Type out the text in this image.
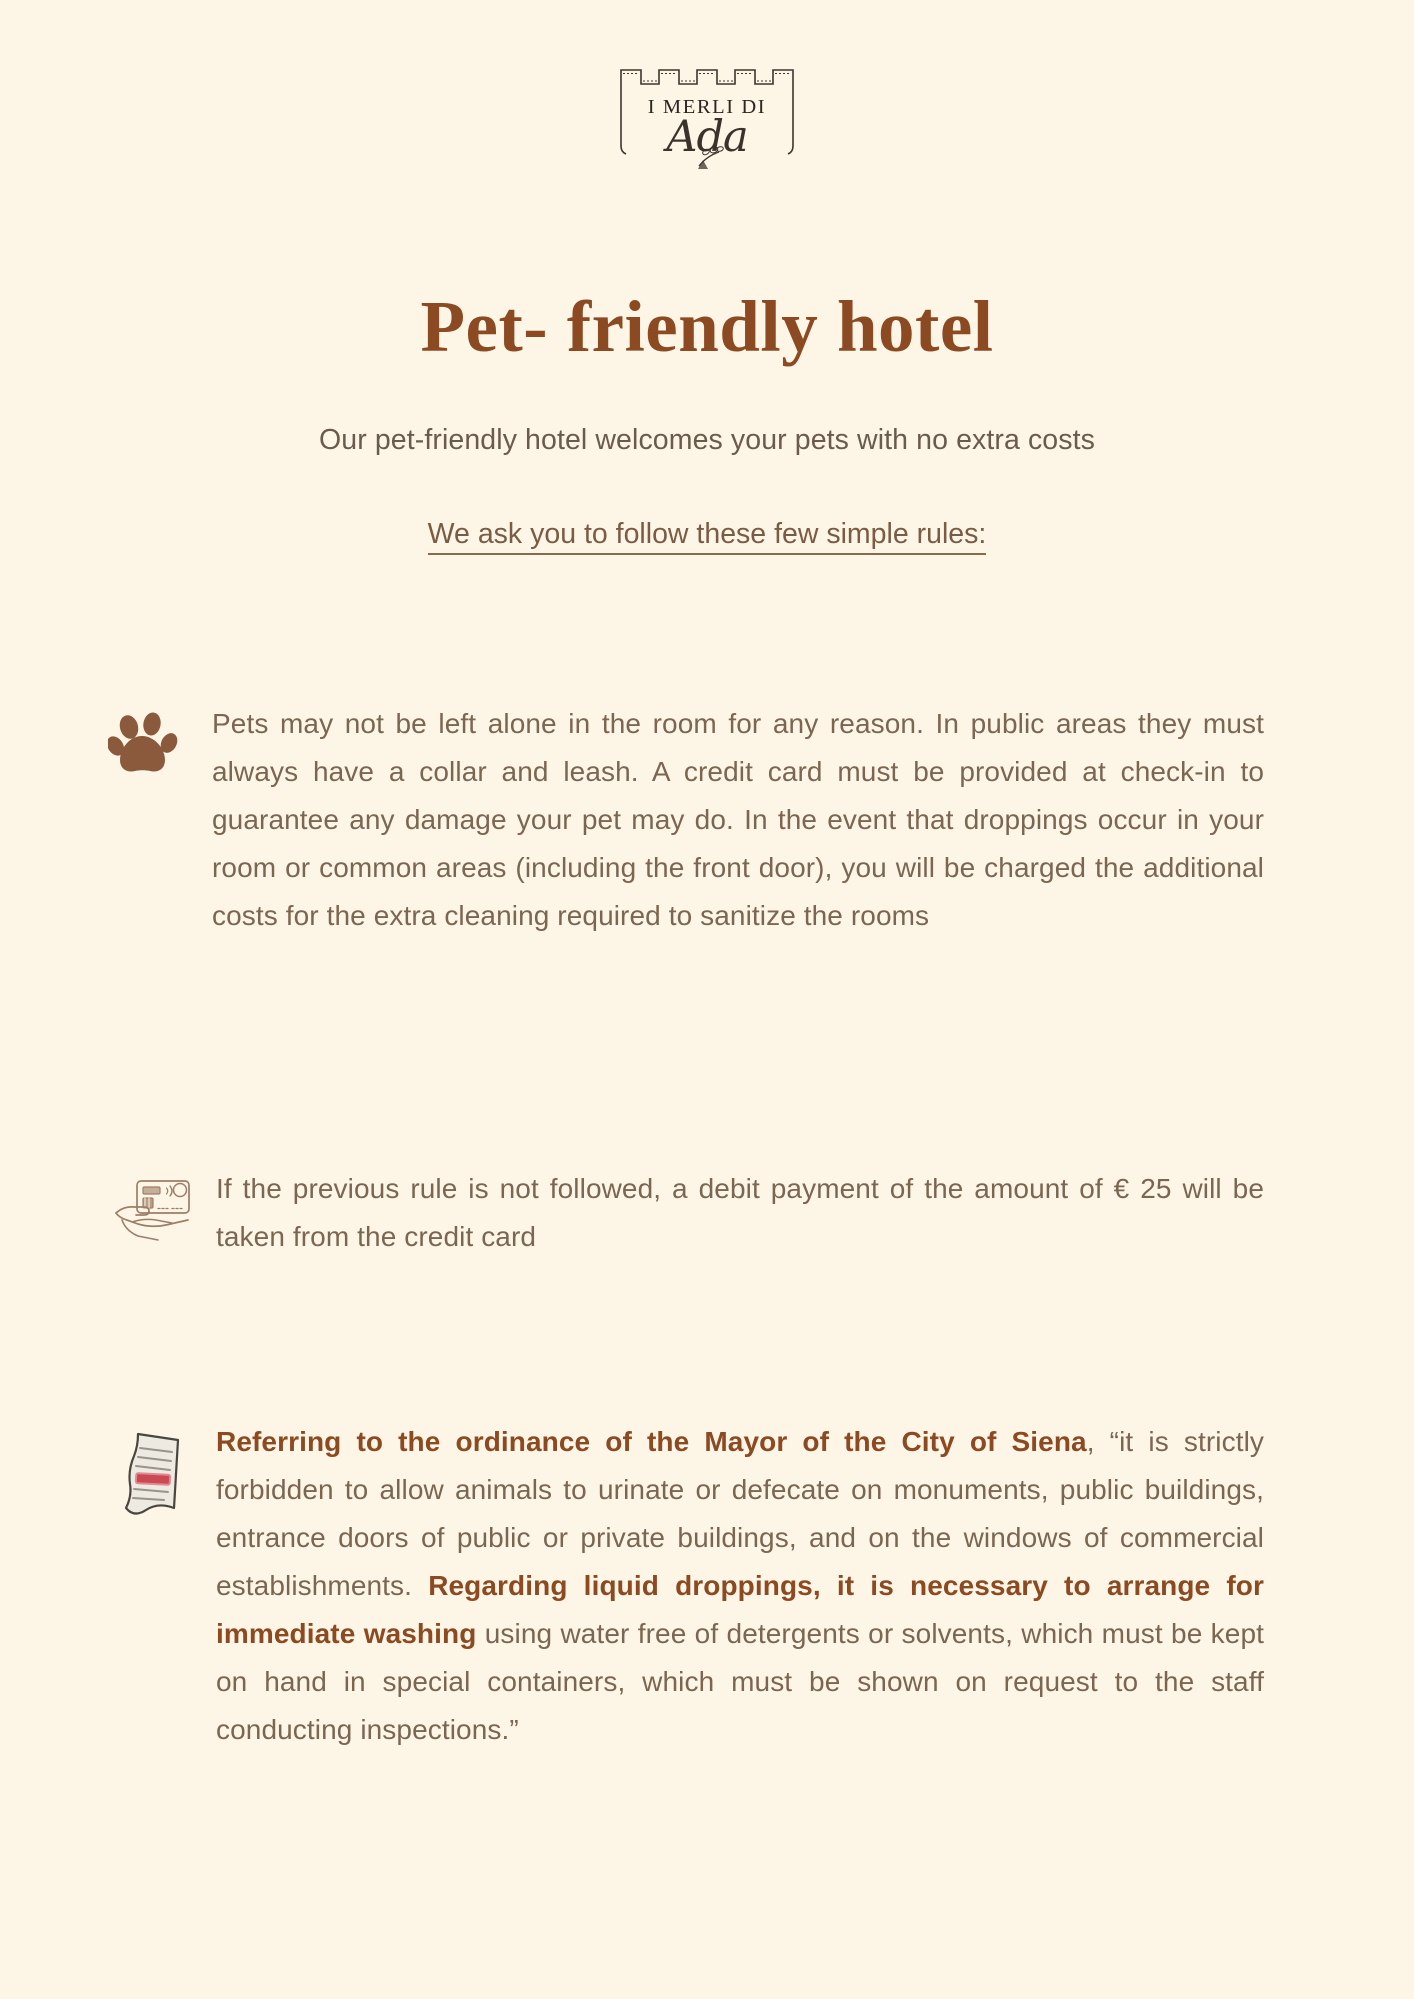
I MERLI DI
Ada
Pet- friendly hotel
Our pet-friendly hotel welcomes your pets with no extra costs
We ask you to follow these few simple rules:
Pets may not be left alone in the room for any reason. In public areas they must always have a collar and leash. A credit card must be provided at check-in to guarantee any damage your pet may do. In the event that droppings occur in your room or common areas (including the front door), you will be charged the additional costs for the extra cleaning required to sanitize the rooms
If the previous rule is not followed, a debit payment of the amount of € 25 will be taken from the credit card
Referring to the ordinance of the Mayor of the City of Siena, “it is strictly forbidden to allow animals to urinate or defecate on monuments, public buildings, entrance doors of public or private buildings, and on the windows of commercial establishments. Regarding liquid droppings, it is necessary to arrange for immediate washing using water free of detergents or solvents, which must be kept on hand in special containers, which must be shown on request to the staff conducting inspections.”
